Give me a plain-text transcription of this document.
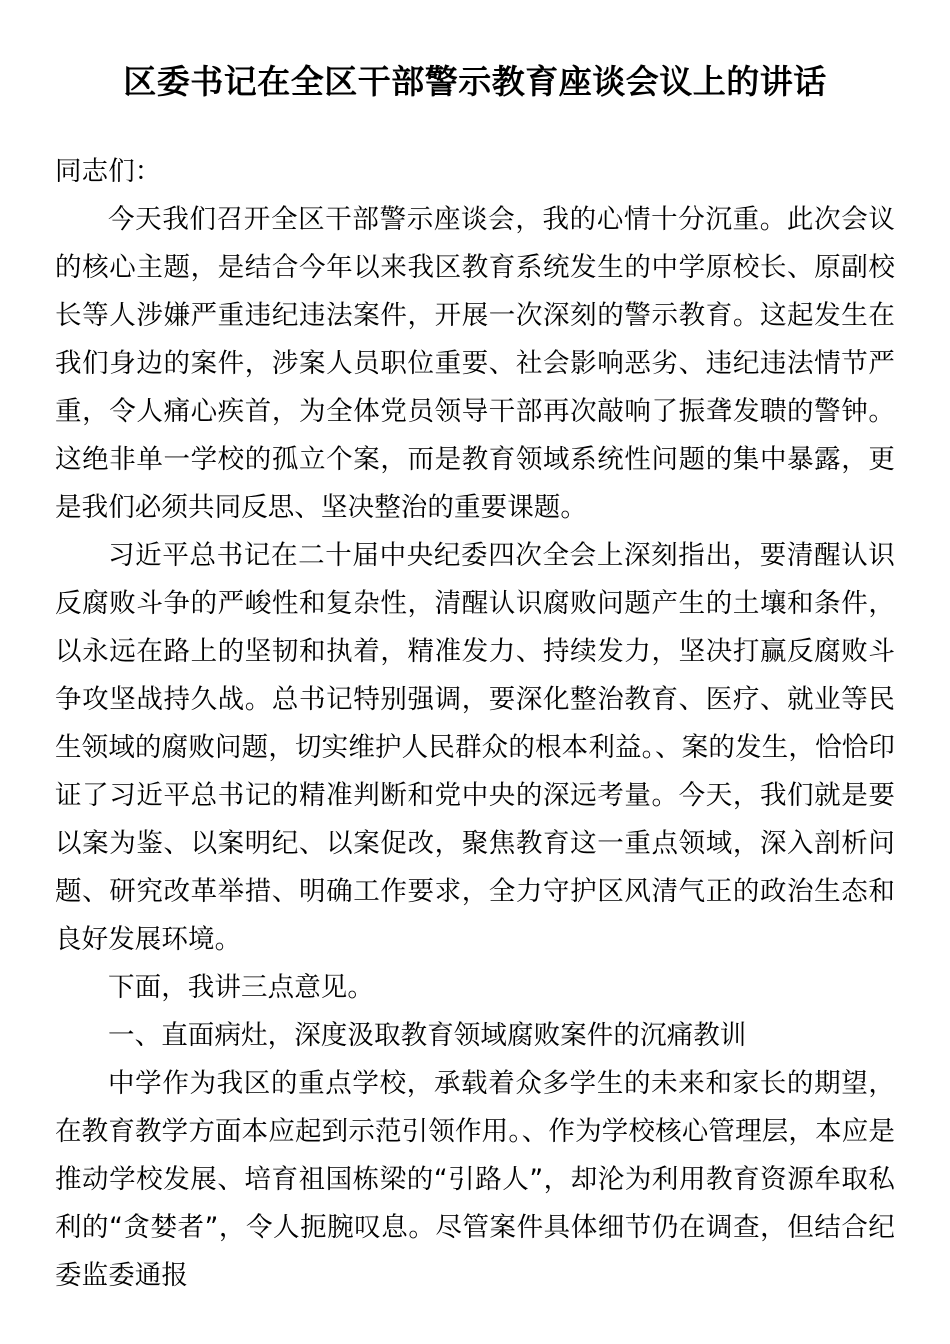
区委书记在全区干部警示教育座谈会议上的讲话

同志们：

今天我们召开全区干部警示座谈会，我的心情十分沉重。此次会议的核心主题，是结合今年以来我区教育系统发生的中学原校长、原副校长等人涉嫌严重违纪违法案件，开展一次深刻的警示教育。这起发生在我们身边的案件，涉案人员职位重要、社会影响恶劣、违纪违法情节严重，令人痛心疾首，为全体党员领导干部再次敲响了振聋发聩的警钟。这绝非单一学校的孤立个案，而是教育领域系统性问题的集中暴露，更是我们必须共同反思、坚决整治的重要课题。

习近平总书记在二十届中央纪委四次全会上深刻指出，要清醒认识反腐败斗争的严峻性和复杂性，清醒认识腐败问题产生的土壤和条件，以永远在路上的坚韧和执着，精准发力、持续发力，坚决打赢反腐败斗争攻坚战持久战。总书记特别强调，要深化整治教育、医疗、就业等民生领域的腐败问题，切实维护人民群众的根本利益。、案的发生，恰恰印证了习近平总书记的精准判断和党中央的深远考量。今天，我们就是要以案为鉴、以案明纪、以案促改，聚焦教育这一重点领域，深入剖析问题、研究改革举措、明确工作要求，全力守护区风清气正的政治生态和良好发展环境。

下面，我讲三点意见。

一、直面病灶，深度汲取教育领域腐败案件的沉痛教训

中学作为我区的重点学校，承载着众多学生的未来和家长的期望，在教育教学方面本应起到示范引领作用。、作为学校核心管理层，本应是推动学校发展、培育祖国栋梁的“引路人”，却沦为利用教育资源牟取私利的“贪婪者”，令人扼腕叹息。尽管案件具体细节仍在调查，但结合纪委监委通报
